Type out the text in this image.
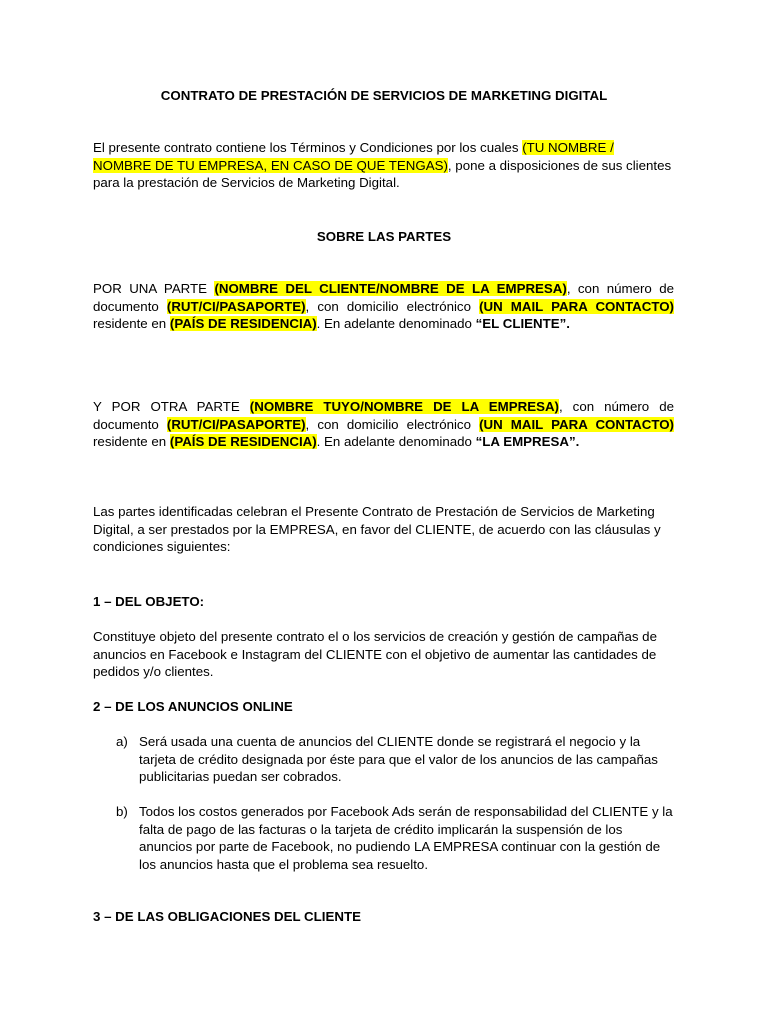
CONTRATO DE PRESTACIÓN DE SERVICIOS DE MARKETING DIGITAL

El presente contrato contiene los Términos y Condiciones por los cuales (TU NOMBRE / NOMBRE DE TU EMPRESA, EN CASO DE QUE TENGAS), pone a disposiciones de sus clientes para la prestación de Servicios de Marketing Digital.

SOBRE LAS PARTES

POR UNA PARTE (NOMBRE DEL CLIENTE/NOMBRE DE LA EMPRESA), con número de documento (RUT/CI/PASAPORTE), con domicilio electrónico (UN MAIL PARA CONTACTO) residente en (PAÍS DE RESIDENCIA). En adelante denominado “EL CLIENTE”.

Y POR OTRA PARTE (NOMBRE TUYO/NOMBRE DE LA EMPRESA), con número de documento (RUT/CI/PASAPORTE), con domicilio electrónico (UN MAIL PARA CONTACTO) residente en (PAÍS DE RESIDENCIA). En adelante denominado “LA EMPRESA”.

Las partes identificadas celebran el Presente Contrato de Prestación de Servicios de Marketing Digital, a ser prestados por la EMPRESA, en favor del CLIENTE, de acuerdo con las cláusulas y condiciones siguientes:

1 – DEL OBJETO:

Constituye objeto del presente contrato el o los servicios de creación y gestión de campañas de anuncios en Facebook e Instagram del CLIENTE con el objetivo de aumentar las cantidades de pedidos y/o clientes.

2 – DE LOS ANUNCIOS ONLINE

a) Será usada una cuenta de anuncios del CLIENTE donde se registrará el negocio y la tarjeta de crédito designada por éste para que el valor de los anuncios de las campañas publicitarias puedan ser cobrados.

b) Todos los costos generados por Facebook Ads serán de responsabilidad del CLIENTE y la falta de pago de las facturas o la tarjeta de crédito implicarán la suspensión de los anuncios por parte de Facebook, no pudiendo LA EMPRESA continuar con la gestión de los anuncios hasta que el problema sea resuelto.

3 – DE LAS OBLIGACIONES DEL CLIENTE
